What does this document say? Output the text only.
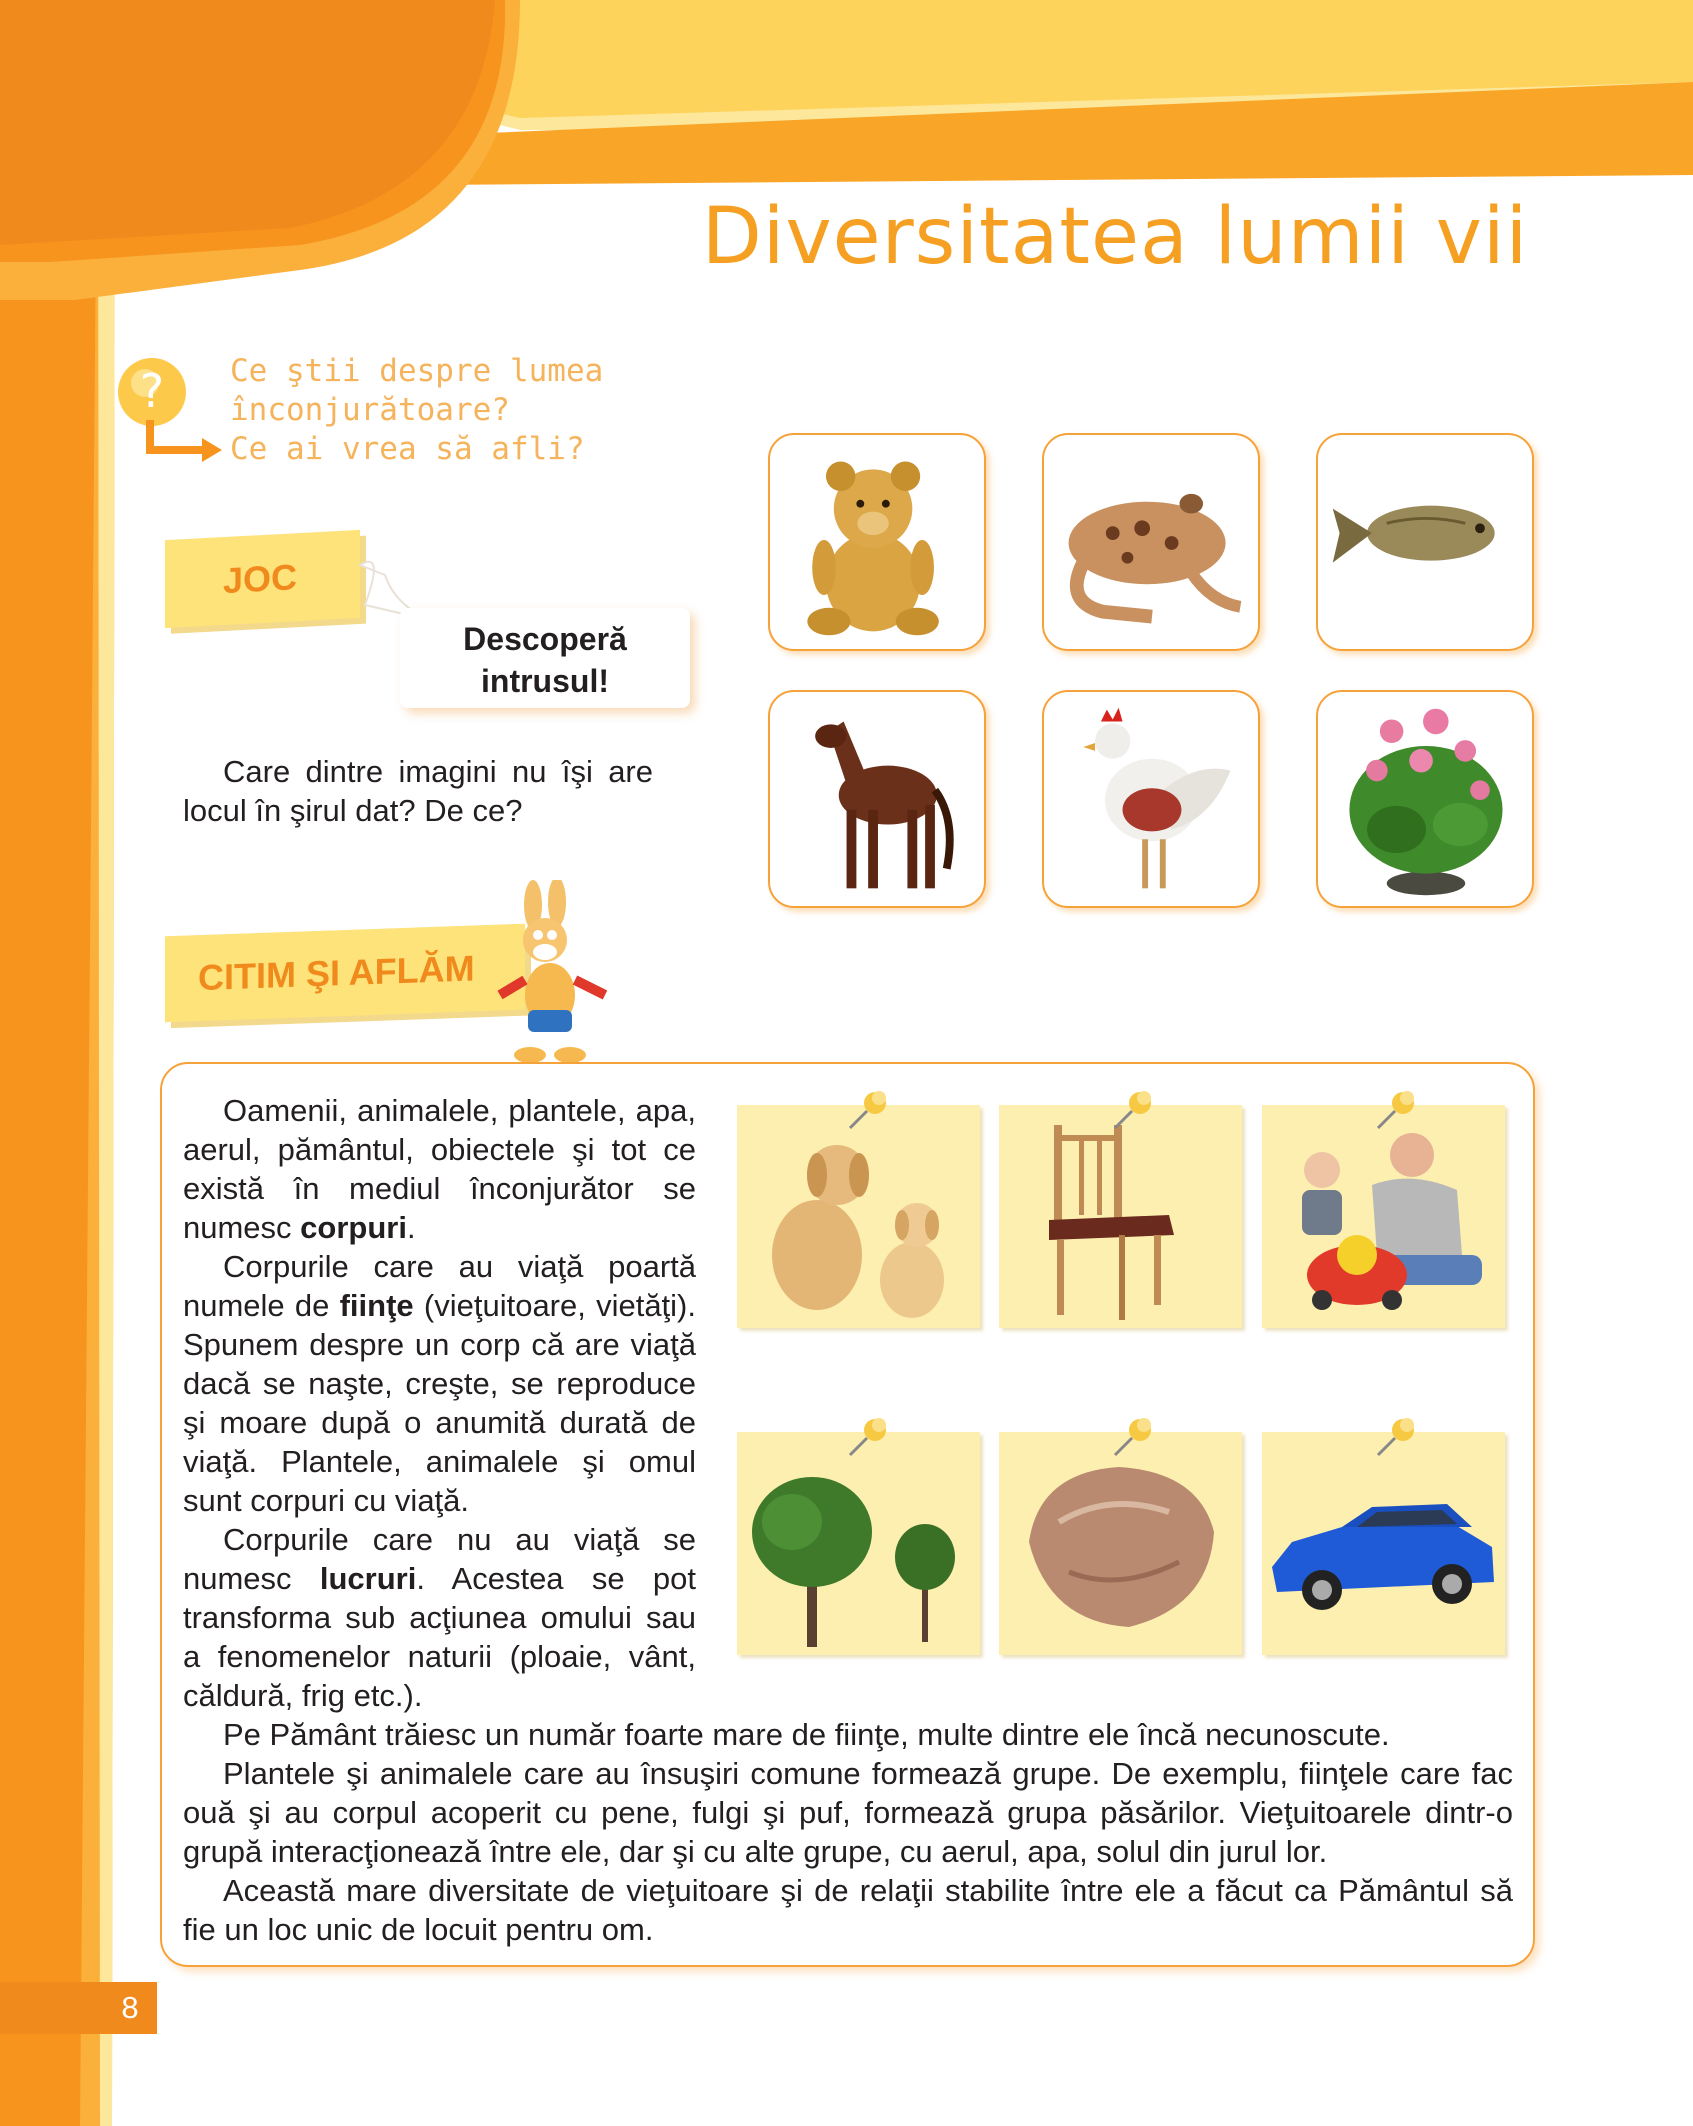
Diversitatea lumii vii
? Ce ştii despre lumea
înconjurătoare?
Ce ai vrea să afli?
JOC
Descoperă
intrusul!
Care dintre imagini nu îşi are locul în şirul dat? De ce?
CITIM ŞI AFLĂM

Oamenii, animalele, plantele, apa, aerul, pământul, obiectele şi tot ce există în mediul înconjurător se numesc corpuri.

Corpurile care au viaţă poartă numele de fiinţe (vieţuitoare, vietăţi). Spunem despre un corp că are viaţă dacă se naşte, creşte, se reproduce şi moare după o anumită durată de viaţă. Plantele, animalele şi omul sunt corpuri cu viaţă.

Corpurile care nu au viaţă se numesc lucruri. Acestea se pot transforma sub acţiunea omului sau a fenomenelor naturii (ploaie, vânt, căldură, frig etc.).

Pe Pământ trăiesc un număr foarte mare de fiinţe, multe dintre ele încă necunoscute.

Plantele şi animalele care au însuşiri comune formează grupe. De exemplu, fiinţele care fac ouă şi au corpul acoperit cu pene, fulgi şi puf, formează grupa păsărilor. Vieţuitoarele dintr-o grupă interacţionează între ele, dar şi cu alte grupe, cu aerul, apa, solul din jurul lor.

Această mare diversitate de vieţuitoare şi de relaţii stabilite între ele a făcut ca Pământul să fie un loc unic de locuit pentru om.

8
